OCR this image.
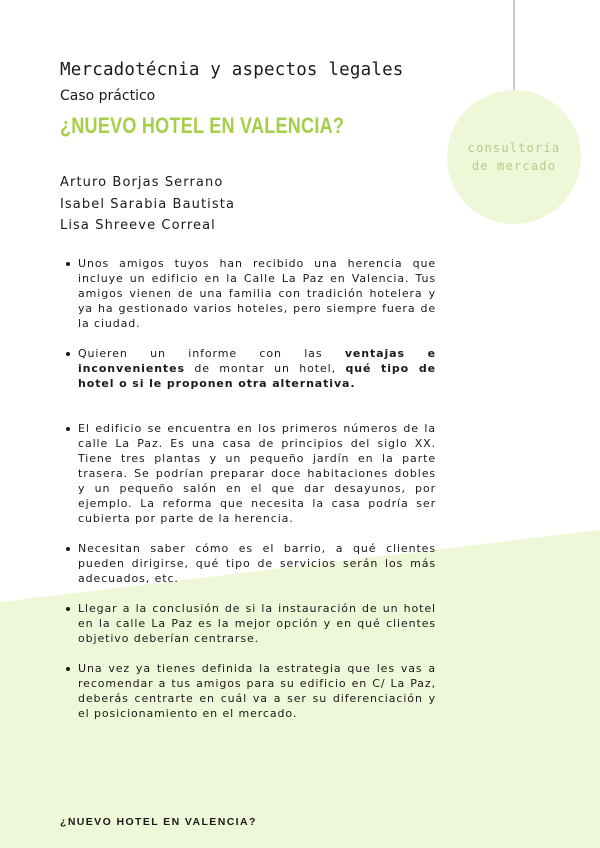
consultoria
de mercado
Mercadotécnia y aspectos legales
Caso práctico
¿NUEVO HOTEL EN VALENCIA?
Arturo Borjas Serrano
Isabel Sarabia Bautista
Lisa Shreeve Correal
Unos amigos tuyos han recibido una herencia que incluye un edificio en la Calle La Paz en Valencia. Tus amigos vienen de una familia con tradición hotelera y ya ha gestionado varios hoteles, pero siempre fuera de la ciudad.
Quieren un informe con las ventajas e inconvenientes de montar un hotel, qué tipo de hotel o si le proponen otra alternativa.
El edificio se encuentra en los primeros números de la calle La Paz. Es una casa de principios del siglo XX. Tiene tres plantas y un pequeño jardín en la parte trasera. Se podrían preparar doce habitaciones dobles y un pequeño salón en el que dar desayunos, por ejemplo. La reforma que necesita la casa podría ser cubierta por parte de la herencia.
Necesitan saber cómo es el barrio, a qué clientes pueden dirigirse, qué tipo de servicios serán los más adecuados, etc.
Llegar a la conclusión de si la instauración de un hotel en la calle La Paz es la mejor opción y en qué clientes objetivo deberían centrarse.
Una vez ya tienes definida la estrategia que les vas a recomendar a tus amigos para su edificio en C/ La Paz, deberás centrarte en cuál va a ser su diferenciación y el posicionamiento en el mercado.
¿NUEVO HOTEL EN VALENCIA?
